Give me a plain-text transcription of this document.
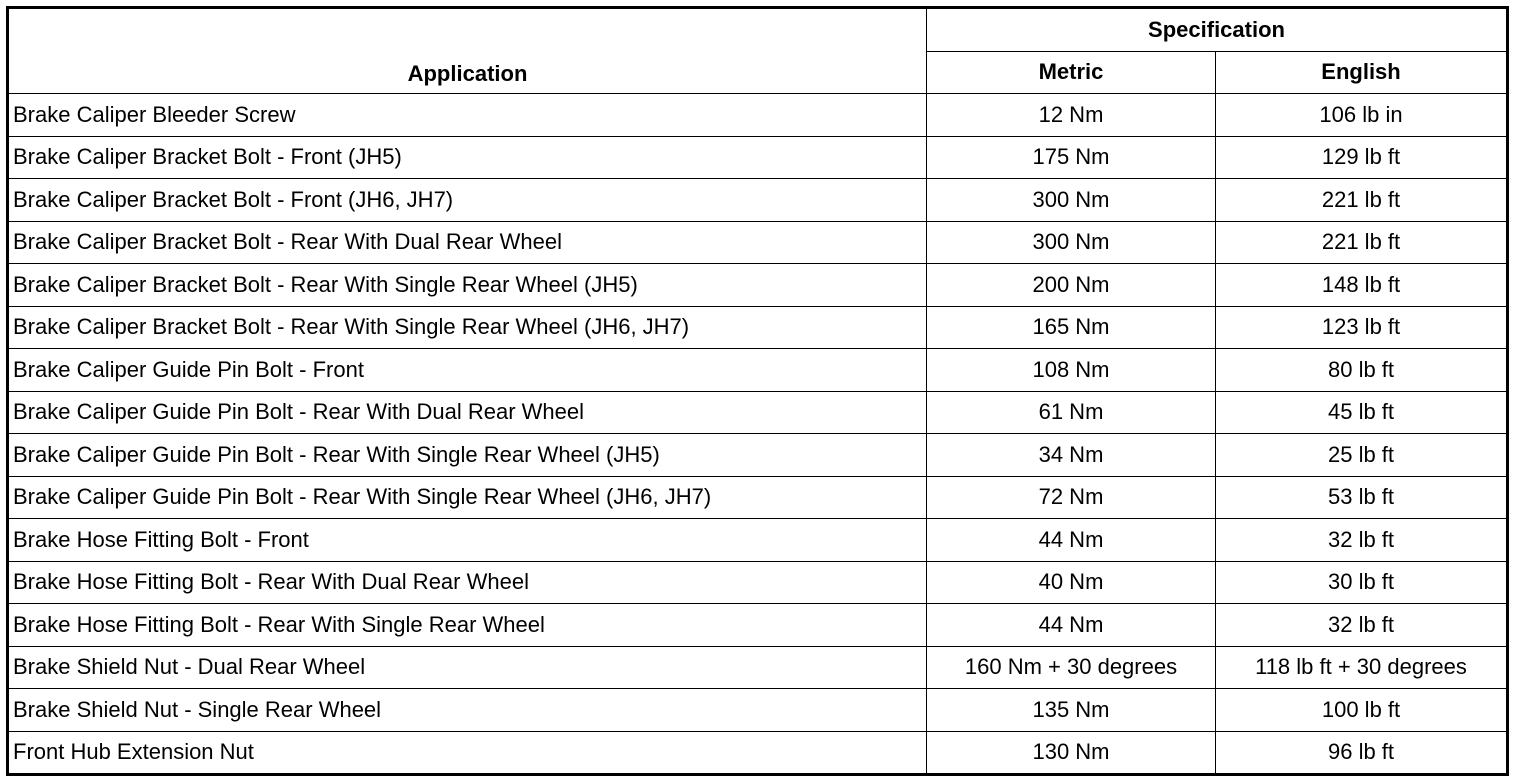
Application	Specification	
	Metric	English
Brake Caliper Bleeder Screw	12 Nm	106 lb in
Brake Caliper Bracket Bolt - Front (JH5)	175 Nm	129 lb ft
Brake Caliper Bracket Bolt - Front (JH6, JH7)	300 Nm	221 lb ft
Brake Caliper Bracket Bolt - Rear With Dual Rear Wheel	300 Nm	221 lb ft
Brake Caliper Bracket Bolt - Rear With Single Rear Wheel (JH5)	200 Nm	148 lb ft
Brake Caliper Bracket Bolt - Rear With Single Rear Wheel (JH6, JH7)	165 Nm	123 lb ft
Brake Caliper Guide Pin Bolt - Front	108 Nm	80 lb ft
Brake Caliper Guide Pin Bolt - Rear With Dual Rear Wheel	61 Nm	45 lb ft
Brake Caliper Guide Pin Bolt - Rear With Single Rear Wheel (JH5)	34 Nm	25 lb ft
Brake Caliper Guide Pin Bolt - Rear With Single Rear Wheel (JH6, JH7)	72 Nm	53 lb ft
Brake Hose Fitting Bolt - Front	44 Nm	32 lb ft
Brake Hose Fitting Bolt - Rear With Dual Rear Wheel	40 Nm	30 lb ft
Brake Hose Fitting Bolt - Rear With Single Rear Wheel	44 Nm	32 lb ft
Brake Shield Nut - Dual Rear Wheel	160 Nm + 30 degrees	118 lb ft + 30 degrees
Brake Shield Nut - Single Rear Wheel	135 Nm	100 lb ft
Front Hub Extension Nut	130 Nm	96 lb ft
